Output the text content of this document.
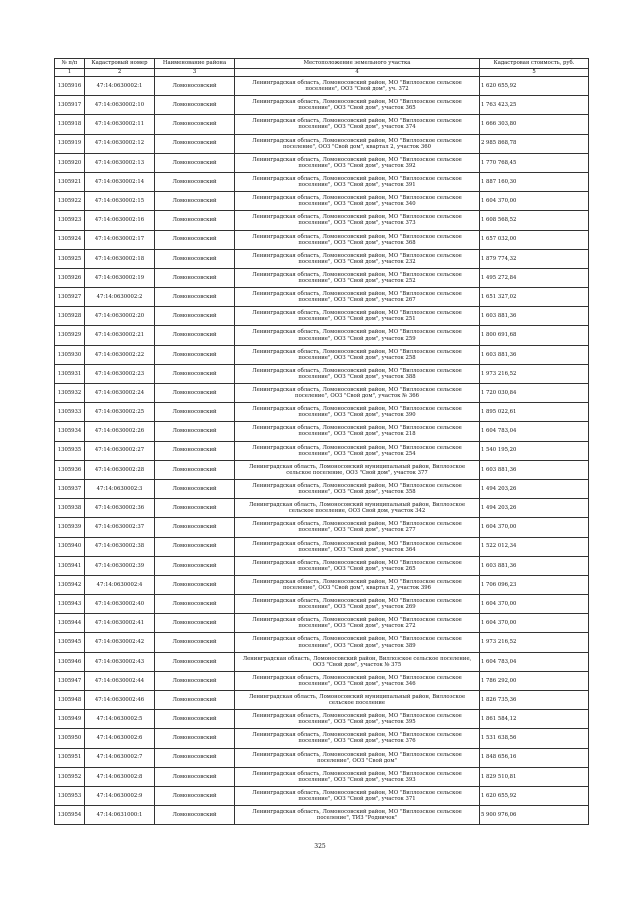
№ п/п	Кадастровый номер	Наименование района	Местоположение земельного участка	Кадастровая стоимость, руб.
1	2	3	4	5
1305916	47:14:0630002:1	Ломоносовский	Ленинградская область, Ломоносовский район, МО "Виллозское сельское поселение", ООЗ "Свой дом", уч. 372	1 620 655,92
1305917	47:14:0630002:10	Ломоносовский	Ленинградская область, Ломоносовский район, МО "Виллозское сельское поселение", ООЗ "Свой дом", участок 365	1 763 423,25
1305918	47:14:0630002:11	Ломоносовский	Ленинградская область, Ломоносовский район, МО "Виллозское сельское поселение", ООЗ "Свой дом", участок 374	1 666 303,80
1305919	47:14:0630002:12	Ломоносовский	Ленинградская область, Ломоносовский район, МО "Виллозское сельское поселение", ООЗ "Свой дом", квартал 2, участок 360	2 985 868,78
1305920	47:14:0630002:13	Ломоносовский	Ленинградская область, Ломоносовский район, МО "Виллозское сельское поселение", ООЗ "Свой дом", участок 392	1 770 768,45
1305921	47:14:0630002:14	Ломоносовский	Ленинградская область, Ломоносовский район, МО "Виллозское сельское поселение", ООЗ "Свой дом", участок 391	1 887 160,30
1305922	47:14:0630002:15	Ломоносовский	Ленинградская область, Ломоносовский район, МО "Виллозское сельское поселение", ООЗ "Свой дом", участок 340	1 604 370,00
1305923	47:14:0630002:16	Ломоносовский	Ленинградская область, Ломоносовский район, МО "Виллозское сельское поселение", ООЗ "Свой дом", участок 373	1 608 568,52
1305924	47:14:0630002:17	Ломоносовский	Ленинградская область, Ломоносовский район, МО "Виллозское сельское поселение", ООЗ "Свой дом", участок 368	1 657 032,00
1305925	47:14:0630002:18	Ломоносовский	Ленинградская область, Ломоносовский район, МО "Виллозское сельское поселение", ООЗ "Свой дом", участок 232	1 879 774,32
1305926	47:14:0630002:19	Ломоносовский	Ленинградская область, Ломоносовский район, МО "Виллозское сельское поселение", ООЗ "Свой дом", участок 252	1 495 272,84
1305927	47:14:0630002:2	Ломоносовский	Ленинградская область, Ломоносовский район, МО "Виллозское сельское поселение", ООЗ "Свой дом", участок 267	1 651 327,02
1305928	47:14:0630002:20	Ломоносовский	Ленинградская область, Ломоносовский район, МО "Виллозское сельское поселение", ООЗ "Свой дом", участок 251	1 603 881,36
1305929	47:14:0630002:21	Ломоносовский	Ленинградская область, Ломоносовский район, МО "Виллозское сельское поселение", ООЗ "Свой дом", участок 259	1 800 691,68
1305930	47:14:0630002:22	Ломоносовский	Ленинградская область, Ломоносовский район, МО "Виллозское сельское поселение", ООЗ "Свой дом", участок 258	1 603 881,36
1305931	47:14:0630002:23	Ломоносовский	Ленинградская область, Ломоносовский район, МО "Виллозское сельское поселение", ООЗ "Свой дом", участок 388	1 973 216,52
1305932	47:14:0630002:24	Ломоносовский	Ленинградская область, Ломоносовский район, МО "Виллозское сельское поселение", ООЗ "Свой дом", участок № 366	1 720 030,84
1305933	47:14:0630002:25	Ломоносовский	Ленинградская область, Ломоносовский район, МО "Виллозское сельское поселение", ООЗ "Свой дом", участок 390	1 895 022,61
1305934	47:14:0630002:26	Ломоносовский	Ленинградская область, Ломоносовский район, МО "Виллозское сельское поселение", ООЗ "Свой дом", участок 218	1 604 783,04
1305935	47:14:0630002:27	Ломоносовский	Ленинградская область, Ломоносовский район, МО "Виллозское сельское поселение", ООЗ "Свой дом", участок 254	1 540 195,20
1305936	47:14:0630002:28	Ломоносовский	Ленинградская область, Ломоносовский муниципальный район, Виллозское сельское поселение, ООЗ "Свой дом", участок 377	1 603 881,36
1305937	47:14:0630002:3	Ломоносовский	Ленинградская область, Ломоносовский район, МО "Виллозское сельское поселение", ООЗ "Свой дом", участок 358	1 494 203,26
1305938	47:14:0630002:36	Ломоносовский	Ленинградская область, Ломоносовский муниципальный район, Виллозское сельское поселение, ООЗ Свой дом, участок 342	1 494 203,26
1305939	47:14:0630002:37	Ломоносовский	Ленинградская область, Ломоносовский район, МО "Виллозское сельское поселение", ООЗ "Свой дом", участок 277	1 604 370,00
1305940	47:14:0630002:38	Ломоносовский	Ленинградская область, Ломоносовский район, МО "Виллозское сельское поселение", ООЗ "Свой дом", участок 364	1 522 012,34
1305941	47:14:0630002:39	Ломоносовский	Ленинградская область, Ломоносовский район, МО "Виллозское сельское поселение", ООЗ "Свой дом", участок 265	1 603 881,36
1305942	47:14:0630002:4	Ломоносовский	Ленинградская область, Ломоносовский район, МО "Виллозское сельское поселение", ООЗ "Свой дом", квартал 2, участок 396	1 706 096,23
1305943	47:14:0630002:40	Ломоносовский	Ленинградская область, Ломоносовский район, МО "Виллозское сельское поселение", ООЗ "Свой дом", участок 269	1 604 370,00
1305944	47:14:0630002:41	Ломоносовский	Ленинградская область, Ломоносовский район, МО "Виллозское сельское поселение", ООЗ "Свой дом", участок 272	1 604 370,00
1305945	47:14:0630002:42	Ломоносовский	Ленинградская область, Ломоносовский район, МО "Виллозское сельское поселение", ООЗ "Свой дом", участок 389	1 973 216,52
1305946	47:14:0630002:43	Ломоносовский	Ленинградская область, Ломоносовский район, Виллозское сельское поселение, ООЗ "Свой дом", участок № 375	1 604 783,04
1305947	47:14:0630002:44	Ломоносовский	Ленинградская область, Ломоносовский район, МО "Виллозское сельское поселение", ООЗ "Свой дом", участок 346	1 786 292,00
1305948	47:14:0630002:46	Ломоносовский	Ленинградская область, Ломоносовский муниципальный район, Виллозское сельское поселение	1 826 735,36
1305949	47:14:0630002:5	Ломоносовский	Ленинградская область, Ломоносовский район, МО "Виллозское сельское поселение", ООЗ "Свой дом", участок 395	1 861 584,12
1305950	47:14:0630002:6	Ломоносовский	Ленинградская область, Ломоносовский район, МО "Виллозское сельское поселение", ООЗ "Свой дом", участок 376	1 531 638,56
1305951	47:14:0630002:7	Ломоносовский	Ленинградская область, Ломоносовский район, МО "Виллозское сельское поселение", ООЗ "Свой дом"	1 848 656,16
1305952	47:14:0630002:8	Ломоносовский	Ленинградская область, Ломоносовский район, МО "Виллозское сельское поселение", ООЗ "Свой дом", участок 393	1 829 510,81
1305953	47:14:0630002:9	Ломоносовский	Ленинградская область, Ломоносовский район, МО "Виллозское сельское поселение", ООЗ "Свой дом", участок 371	1 620 655,92
1305954	47:14:0631000:1	Ломоносовский	Ленинградская область, Ломоносовский район, МО "Виллозское сельское поселение", ТИЗ "Родничок"	5 900 976,06
325
